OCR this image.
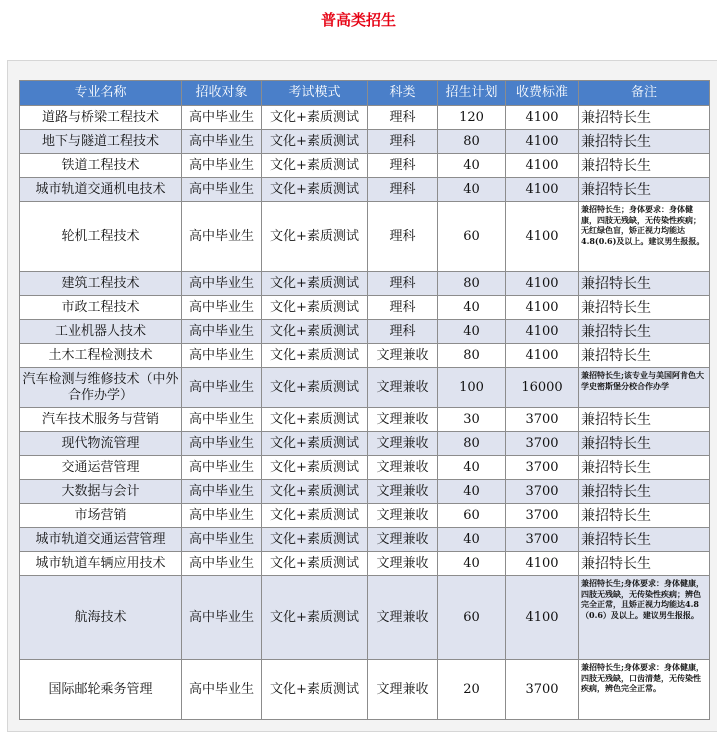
普高类招生
专业名称	招收对象	考试模式	科类	招生计划	收费标准	备注
道路与桥梁工程技术	高中毕业生	文化+素质测试	理科	120	4100	兼招特长生
地下与隧道工程技术	高中毕业生	文化+素质测试	理科	80	4100	兼招特长生
铁道工程技术	高中毕业生	文化+素质测试	理科	40	4100	兼招特长生
城市轨道交通机电技术	高中毕业生	文化+素质测试	理科	40	4100	兼招特长生
轮机工程技术	高中毕业生	文化+素质测试	理科	60	4100	兼招特长生；身体要求：身体健康，四肢无残缺，无传染性疾病；无红绿色盲，矫正视力均能达4.8(0.6)及以上。建议男生报报。
建筑工程技术	高中毕业生	文化+素质测试	理科	80	4100	兼招特长生
市政工程技术	高中毕业生	文化+素质测试	理科	40	4100	兼招特长生
工业机器人技术	高中毕业生	文化+素质测试	理科	40	4100	兼招特长生
土木工程检测技术	高中毕业生	文化+素质测试	文理兼收	80	4100	兼招特长生
汽车检测与维修技术（中外合作办学）	高中毕业生	文化+素质测试	文理兼收	100	16000	兼招特长生;该专业与美国阿肯色大学史密斯堡分校合作办学
汽车技术服务与营销	高中毕业生	文化+素质测试	文理兼收	30	3700	兼招特长生
现代物流管理	高中毕业生	文化+素质测试	文理兼收	80	3700	兼招特长生
交通运营管理	高中毕业生	文化+素质测试	文理兼收	40	3700	兼招特长生
大数据与会计	高中毕业生	文化+素质测试	文理兼收	40	3700	兼招特长生
市场营销	高中毕业生	文化+素质测试	文理兼收	60	3700	兼招特长生
城市轨道交通运营管理	高中毕业生	文化+素质测试	文理兼收	40	3700	兼招特长生
城市轨道车辆应用技术	高中毕业生	文化+素质测试	文理兼收	40	4100	兼招特长生
航海技术	高中毕业生	文化+素质测试	文理兼收	60	4100	兼招特长生;身体要求：身体健康，四肢无残缺，无传染性疾病；辨色完全正常，且矫正视力均能达4.8（0.6）及以上。建议男生报报。
国际邮轮乘务管理	高中毕业生	文化+素质测试	文理兼收	20	3700	兼招特长生;身体要求：身体健康，四肢无残缺，口齿清楚，无传染性疾病，辨色完全正常。
